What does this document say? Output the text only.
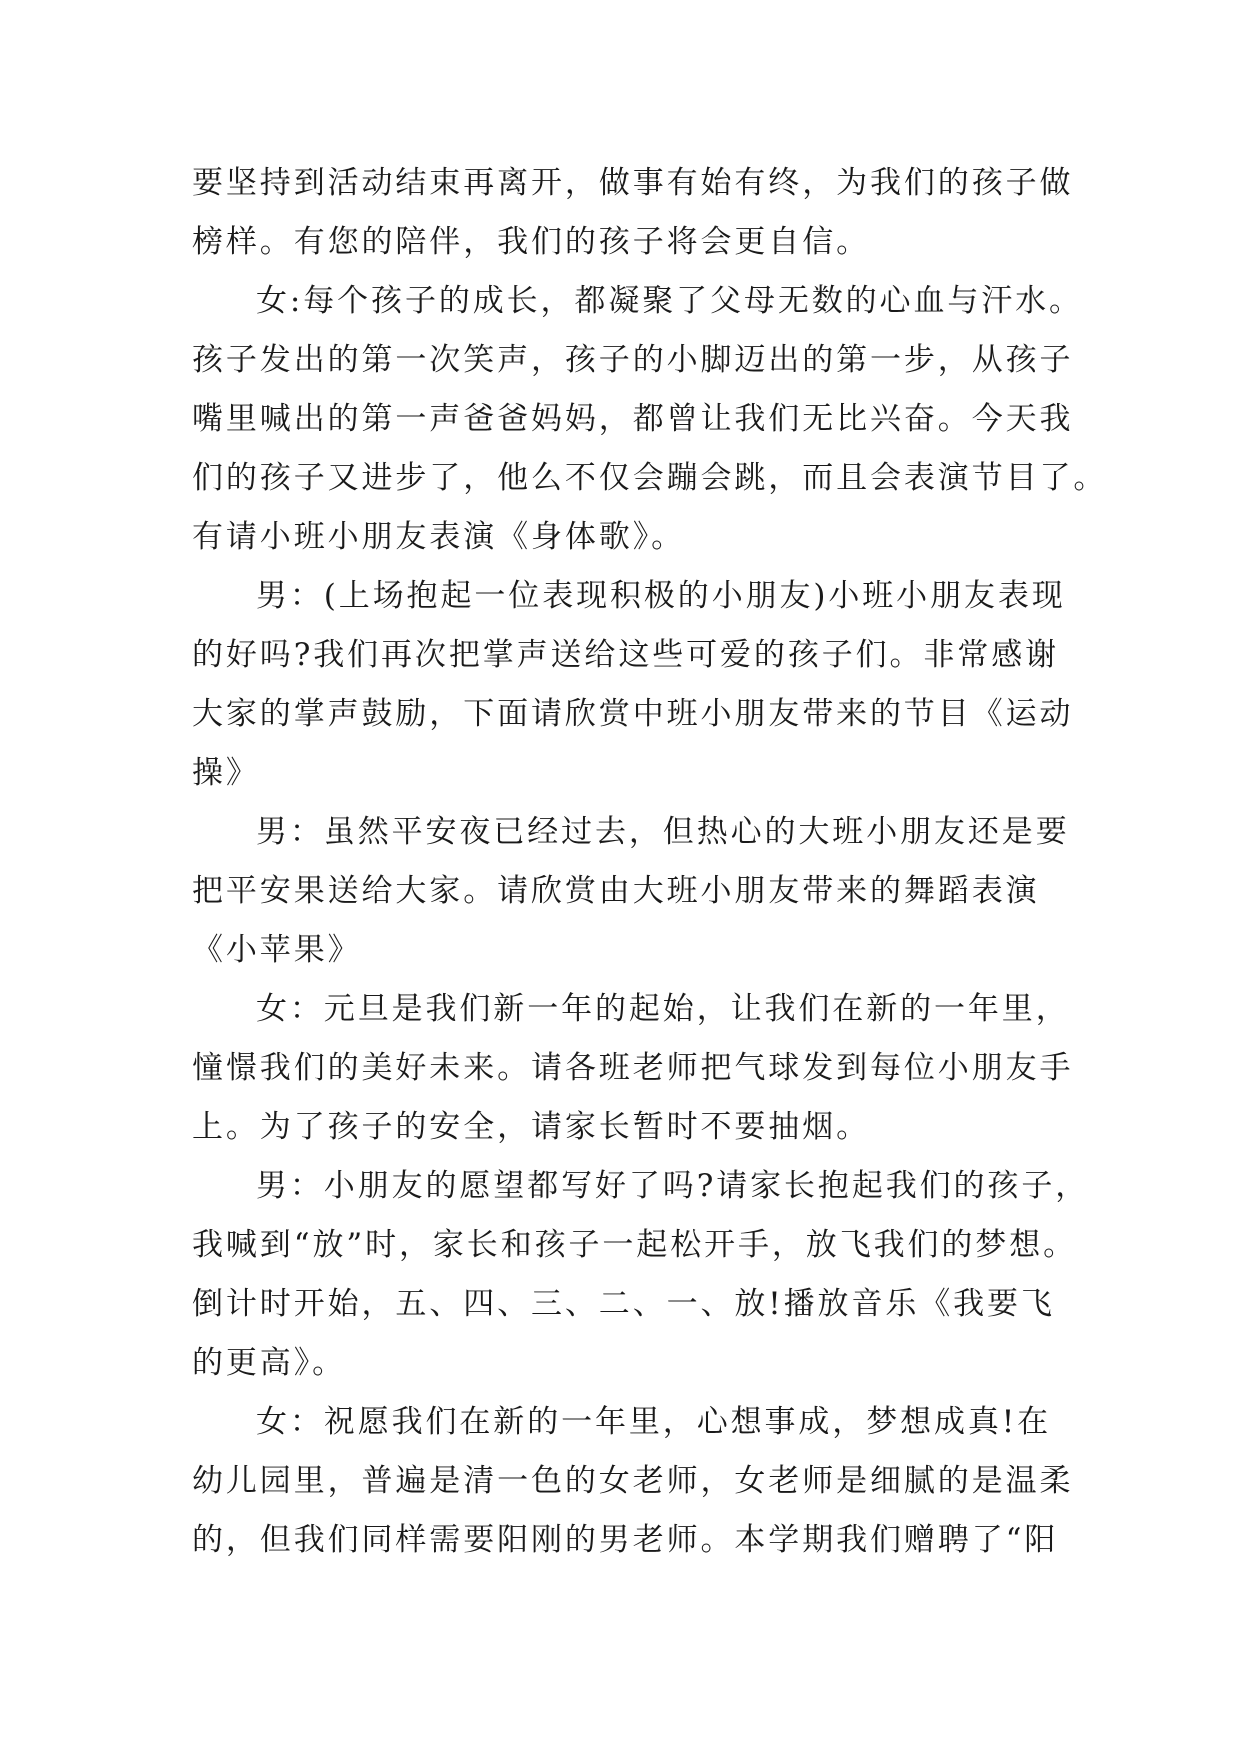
要坚持到活动结束再离开，做事有始有终，为我们的孩子做
榜样。有您的陪伴，我们的孩子将会更自信。
女:每个孩子的成长，都凝聚了父母无数的心血与汗水。
孩子发出的第一次笑声，孩子的小脚迈出的第一步，从孩子
嘴里喊出的第一声爸爸妈妈，都曾让我们无比兴奋。今天我
们的孩子又进步了，他么不仅会蹦会跳，而且会表演节目了。
有请小班小朋友表演《身体歌》。
男：(上场抱起一位表现积极的小朋友)小班小朋友表现
的好吗?我们再次把掌声送给这些可爱的孩子们。非常感谢
大家的掌声鼓励，下面请欣赏中班小朋友带来的节目《运动
操》
男：虽然平安夜已经过去，但热心的大班小朋友还是要
把平安果送给大家。请欣赏由大班小朋友带来的舞蹈表演
《小苹果》
女：元旦是我们新一年的起始，让我们在新的一年里，
憧憬我们的美好未来。请各班老师把气球发到每位小朋友手
上。为了孩子的安全，请家长暂时不要抽烟。
男：小朋友的愿望都写好了吗?请家长抱起我们的孩子，
我喊到“放”时，家长和孩子一起松开手，放飞我们的梦想。
倒计时开始，五、四、三、二、一、放!播放音乐《我要飞
的更高》。
女：祝愿我们在新的一年里，心想事成，梦想成真!在
幼儿园里，普遍是清一色的女老师，女老师是细腻的是温柔
的，但我们同样需要阳刚的男老师。本学期我们赠聘了“阳
